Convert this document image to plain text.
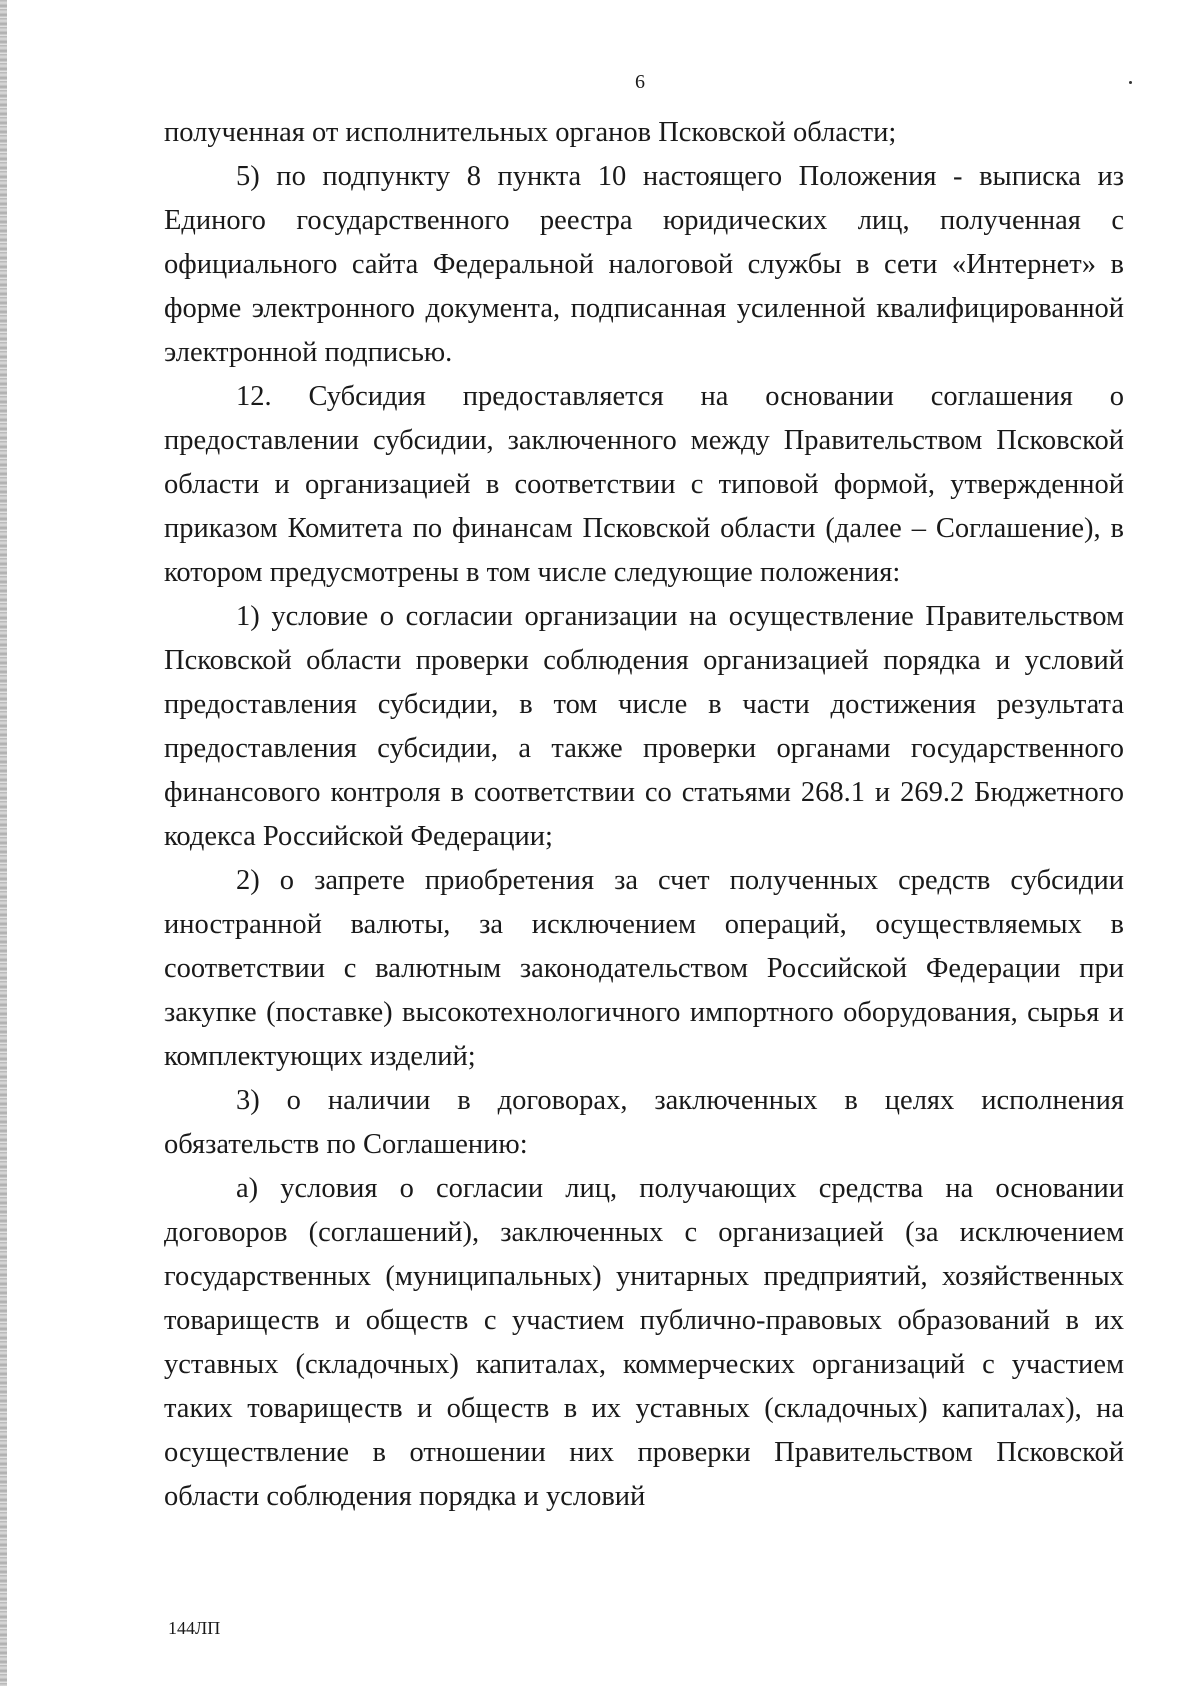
6

полученная от исполнительных органов Псковской области;

5) по подпункту 8 пункта 10 настоящего Положения - выписка из Единого государственного реестра юридических лиц, полученная с официального сайта Федеральной налоговой службы в сети «Интернет» в форме электронного документа, подписанная усиленной квалифицированной электронной подписью.

12. Субсидия предоставляется на основании соглашения о предоставлении субсидии, заключенного между Правительством Псковской области и организацией в соответствии с типовой формой, утвержденной приказом Комитета по финансам Псковской области (далее – Соглашение), в котором предусмотрены в том числе следующие положения:

1) условие о согласии организации на осуществление Правительством Псковской области проверки соблюдения организацией порядка и условий предоставления субсидии, в том числе в части достижения результата предоставления субсидии, а также проверки органами государственного финансового контроля в соответствии со статьями 268.1 и 269.2 Бюджетного кодекса Российской Федерации;

2) о запрете приобретения за счет полученных средств субсидии иностранной валюты, за исключением операций, осуществляемых в соответствии с валютным законодательством Российской Федерации при закупке (поставке) высокотехнологичного импортного оборудования, сырья и комплектующих изделий;

3) о наличии в договорах, заключенных в целях исполнения обязательств по Соглашению:

а) условия о согласии лиц, получающих средства на основании договоров (соглашений), заключенных с организацией (за исключением государственных (муниципальных) унитарных предприятий, хозяйственных товариществ и обществ с участием публично-правовых образований в их уставных (складочных) капиталах, коммерческих организаций с участием таких товариществ и обществ в их уставных (складочных) капиталах), на осуществление в отношении них проверки Правительством Псковской области соблюдения порядка и условий

144ЛП
